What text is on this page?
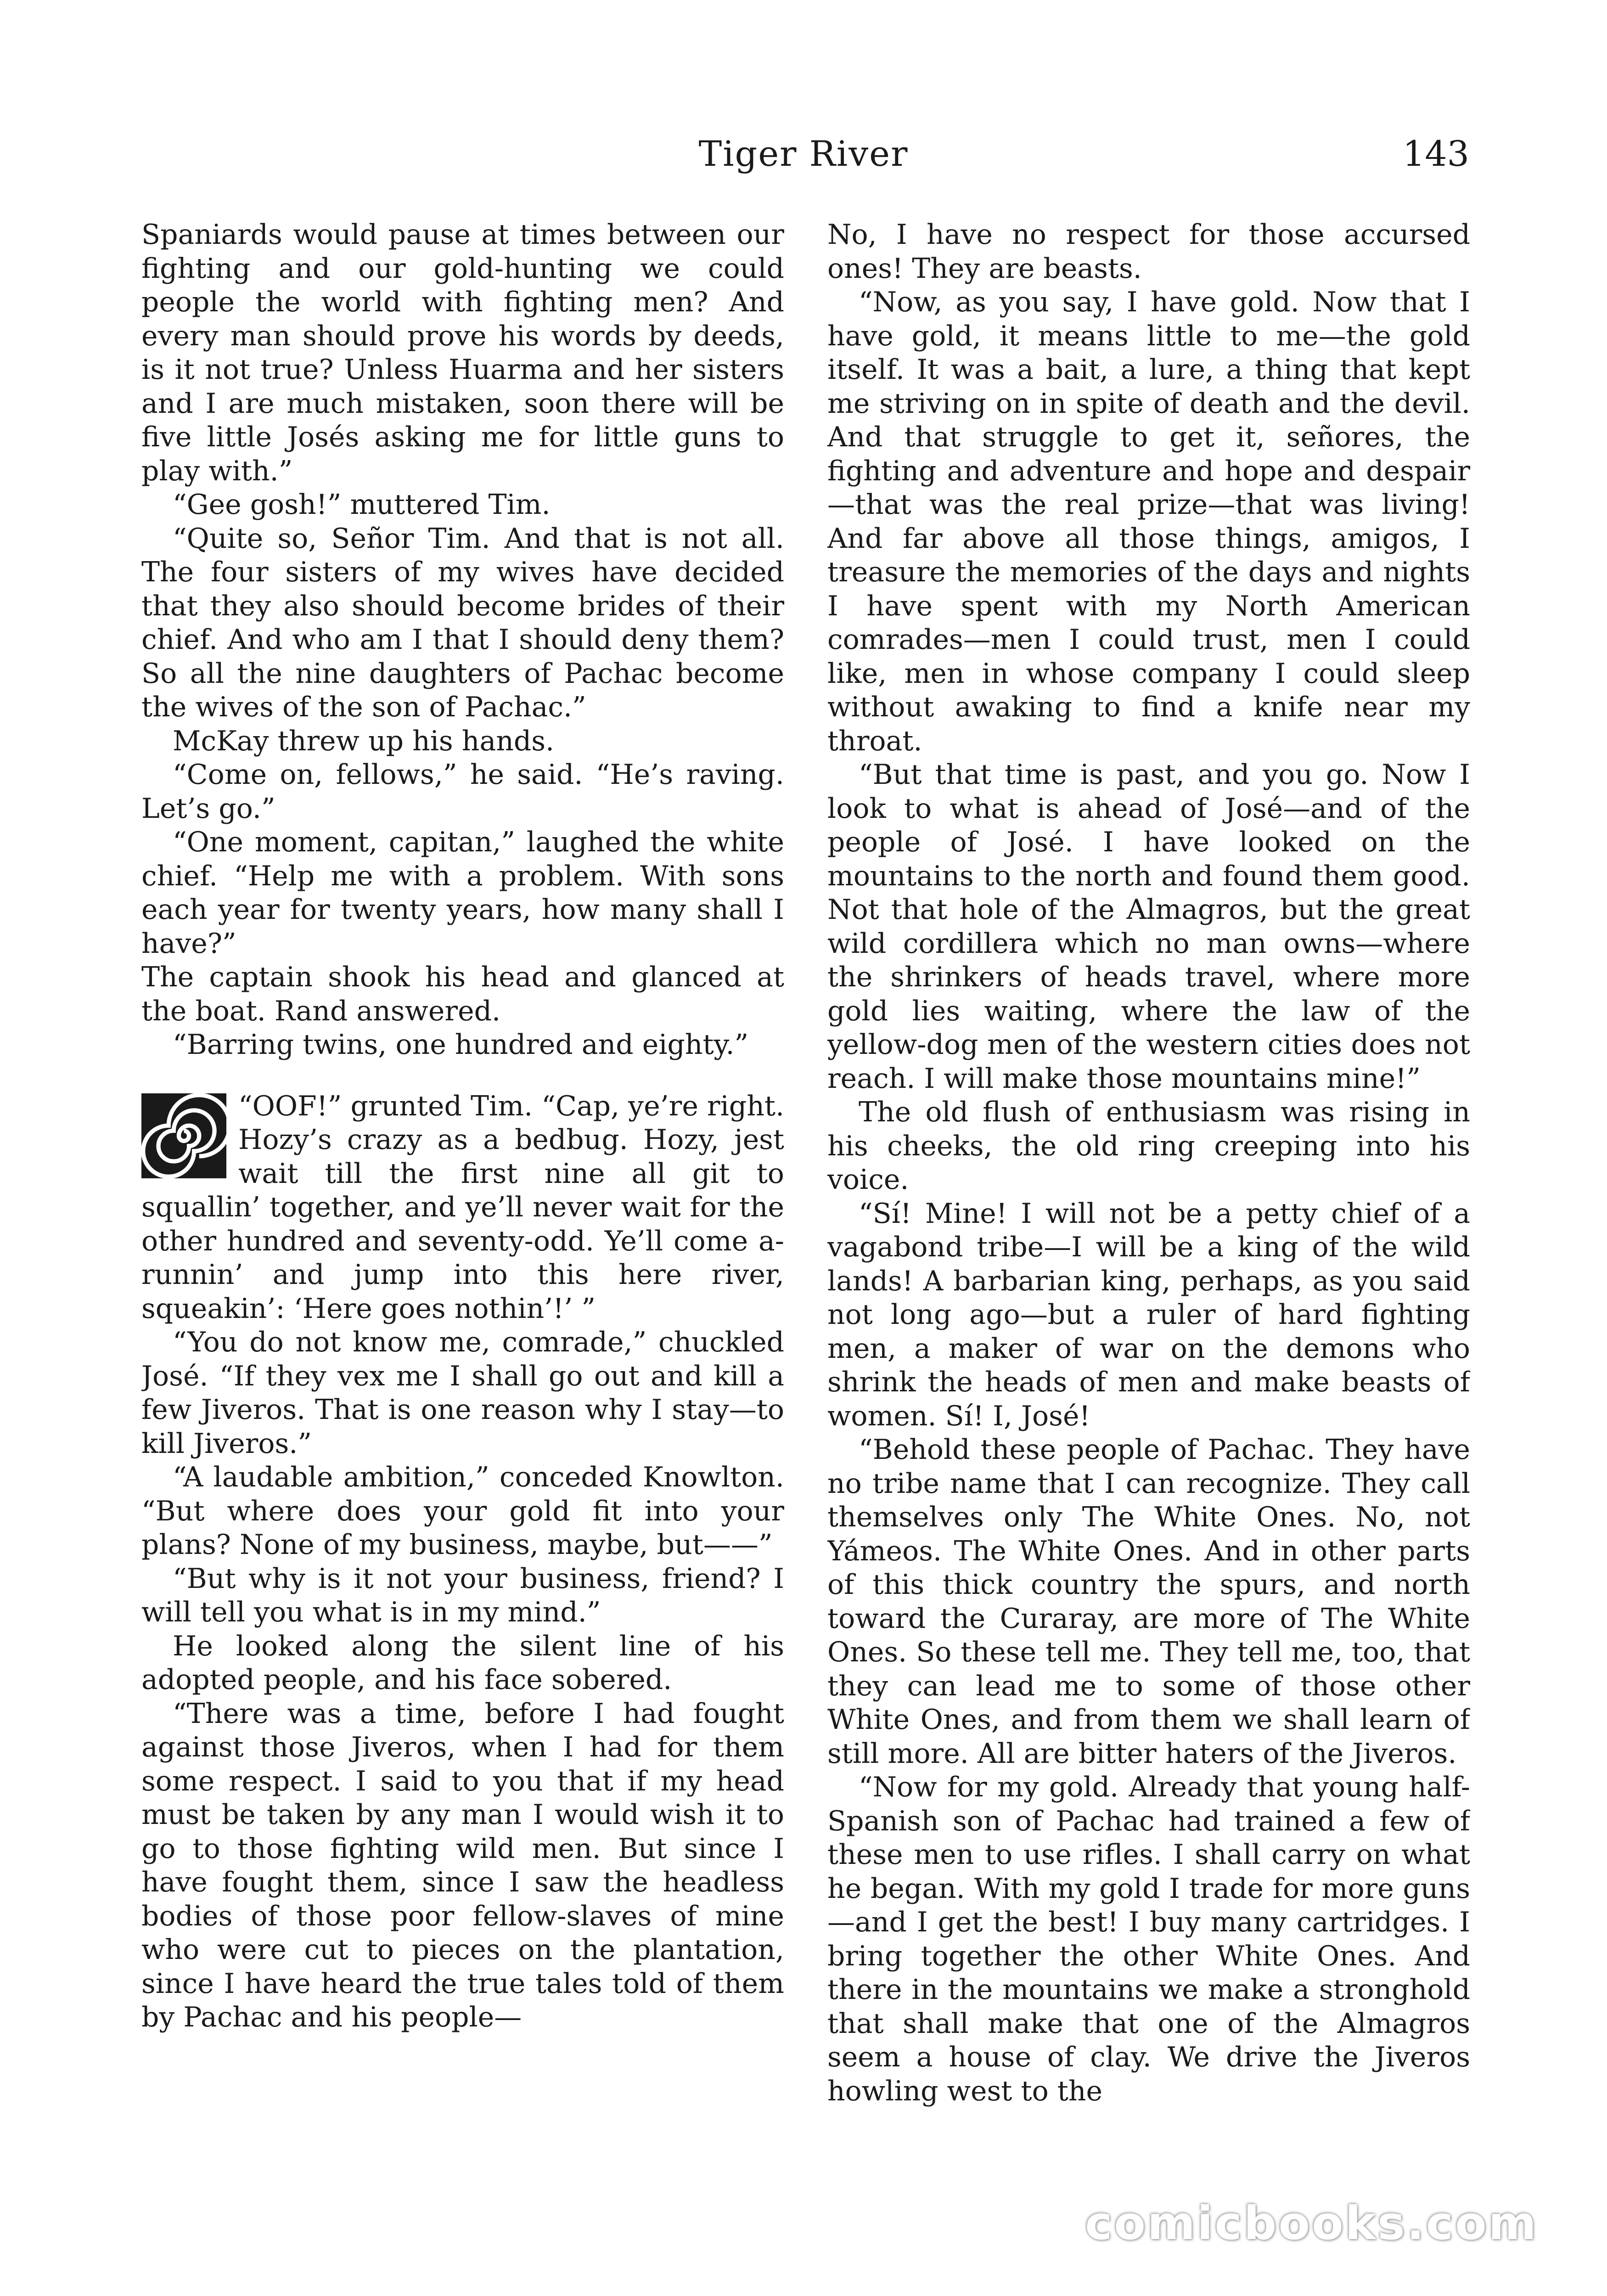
Tiger River	143

Spaniards would pause at times between our fighting and our gold-hunting we could people the world with fighting men? And every man should prove his words by deeds, is it not true? Unless Huarma and her sisters and I are much mistaken, soon there will be five little Josés asking me for little guns to play with.”

“Gee gosh!” muttered Tim.

“Quite so, Señor Tim. And that is not all. The four sisters of my wives have decided that they also should become brides of their chief. And who am I that I should deny them? So all the nine daughters of Pachac become the wives of the son of Pachac.”

McKay threw up his hands.

“Come on, fellows,” he said. “He’s raving. Let’s go.”

“One moment, capitan,” laughed the white chief. “Help me with a problem. With sons each year for twenty years, how many shall I have?”

The captain shook his head and glanced at the boat. Rand answered.

“Barring twins, one hundred and eighty.”

“OOF!” grunted Tim. “Cap, ye’re right. Hozy’s crazy as a bedbug. Hozy, jest wait till the first nine all git to squallin’ together, and ye’ll never wait for the other hundred and seventy-odd. Ye’ll come a-runnin’ and jump into this here river, squeakin’: ‘Here goes nothin’!’ ”

“You do not know me, comrade,” chuckled José. “If they vex me I shall go out and kill a few Jiveros. That is one reason why I stay—to kill Jiveros.”

“A laudable ambition,” conceded Knowlton. “But where does your gold fit into your plans? None of my business, maybe, but——”

“But why is it not your business, friend? I will tell you what is in my mind.”

He looked along the silent line of his adopted people, and his face sobered.

“There was a time, before I had fought against those Jiveros, when I had for them some respect. I said to you that if my head must be taken by any man I would wish it to go to those fighting wild men. But since I have fought them, since I saw the headless bodies of those poor fellow-slaves of mine who were cut to pieces on the plantation, since I have heard the true tales told of them by Pachac and his people—

No, I have no respect for those accursed ones! They are beasts.

“Now, as you say, I have gold. Now that I have gold, it means little to me—the gold itself. It was a bait, a lure, a thing that kept me striving on in spite of death and the devil. And that struggle to get it, señores, the fighting and adventure and hope and despair—that was the real prize—that was living! And far above all those things, amigos, I treasure the memories of the days and nights I have spent with my North American comrades—men I could trust, men I could like, men in whose company I could sleep without awaking to find a knife near my throat.

“But that time is past, and you go. Now I look to what is ahead of José—and of the people of José. I have looked on the mountains to the north and found them good. Not that hole of the Almagros, but the great wild cordillera which no man owns—where the shrinkers of heads travel, where more gold lies waiting, where the law of the yellow-dog men of the western cities does not reach. I will make those mountains mine!”

The old flush of enthusiasm was rising in his cheeks, the old ring creeping into his voice.

“Sí! Mine! I will not be a petty chief of a vagabond tribe—I will be a king of the wild lands! A barbarian king, perhaps, as you said not long ago—but a ruler of hard fighting men, a maker of war on the demons who shrink the heads of men and make beasts of women. Sí! I, José!

“Behold these people of Pachac. They have no tribe name that I can recognize. They call themselves only The White Ones. No, not Yámeos. The White Ones. And in other parts of this thick country the spurs, and north toward the Curaray, are more of The White Ones. So these tell me. They tell me, too, that they can lead me to some of those other White Ones, and from them we shall learn of still more. All are bitter haters of the Jiveros.

“Now for my gold. Already that young half-Spanish son of Pachac had trained a few of these men to use rifles. I shall carry on what he began. With my gold I trade for more guns—and I get the best! I buy many cartridges. I bring together the other White Ones. And there in the mountains we make a stronghold that shall make that one of the Almagros seem a house of clay. We drive the Jiveros howling west to the

comicbooks.com
